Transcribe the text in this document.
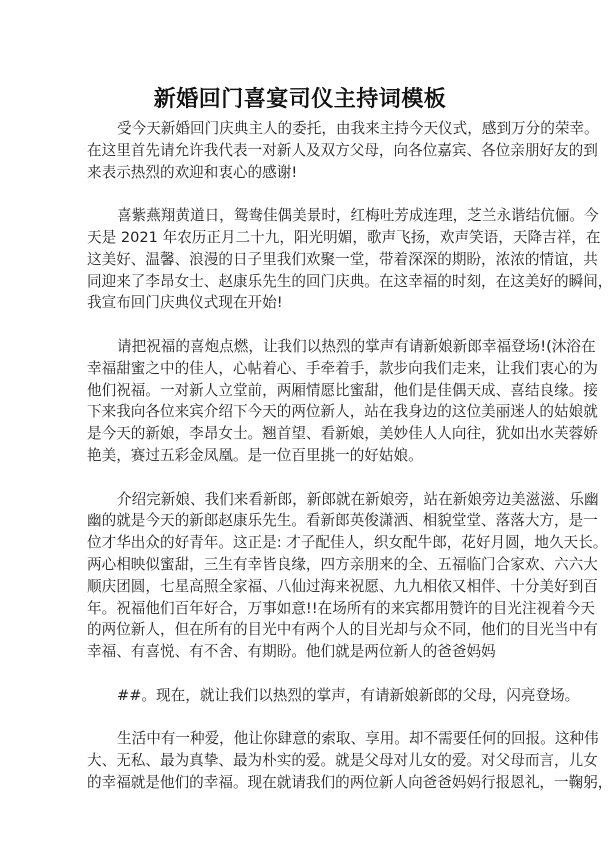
新婚回门喜宴司仪主持词模板
受今天新婚回门庆典主人的委托，由我来主持今天仪式，感到万分的荣幸。
在这里首先请允许我代表一对新人及双方父母，向各位嘉宾、各位亲朋好友的到
来表示热烈的欢迎和衷心的感谢!
喜紫燕翔黄道日，鸳鸯佳偶美景时，红梅吐芳成连理，芝兰永谐结伉俪。今
天是 2021 年农历正月二十九，阳光明媚，歌声飞扬，欢声笑语，天降吉祥，在
这美好、温馨、浪漫的日子里我们欢聚一堂，带着深深的期盼，浓浓的情谊，共
同迎来了李昂女士、赵康乐先生的回门庆典。在这幸福的时刻，在这美好的瞬间，
我宣布回门庆典仪式现在开始!
请把祝福的喜炮点燃，让我们以热烈的掌声有请新娘新郎幸福登场!(沐浴在
幸福甜蜜之中的佳人，心帖着心、手牵着手，款步向我们走来，让我们衷心的为
他们祝福。一对新人立堂前，两厢情愿比蜜甜，他们是佳偶天成、喜结良缘。接
下来我向各位来宾介绍下今天的两位新人，站在我身边的这位美丽迷人的姑娘就
是今天的新娘，李昂女士。翘首望、看新娘，美妙佳人人向往，犹如出水芙蓉娇
艳美，赛过五彩金凤凰。是一位百里挑一的好姑娘。
介绍完新娘、我们来看新郎，新郎就在新娘旁，站在新娘旁边美滋滋、乐幽
幽的就是今天的新郎赵康乐先生。看新郎英俊潇洒、相貌堂堂、落落大方，是一
位才华出众的好青年。这正是: 才子配佳人，织女配牛郎，花好月圆，地久天长。
两心相映似蜜甜，三生有幸皆良缘，四方亲朋来的全、五福临门合家欢、六六大
顺庆团圆，七星高照全家福、八仙过海来祝愿、九九相依又相伴、十分美好到百
年。祝福他们百年好合，万事如意!!在场所有的来宾都用赞许的目光注视着今天
的两位新人，但在所有的目光中有两个人的目光却与众不同，他们的目光当中有
幸福、有喜悦、有不舍、有期盼。他们就是两位新人的爸爸妈妈
##。现在，就让我们以热烈的掌声，有请新娘新郎的父母，闪亮登场。
生活中有一种爱，他让你肆意的索取、享用。却不需要任何的回报。这种伟
大、无私、最为真挚、最为朴实的爱。就是父母对儿女的爱。对父母而言，儿女
的幸福就是他们的幸福。现在就请我们的两位新人向爸爸妈妈行报恩礼，一鞠躬，
